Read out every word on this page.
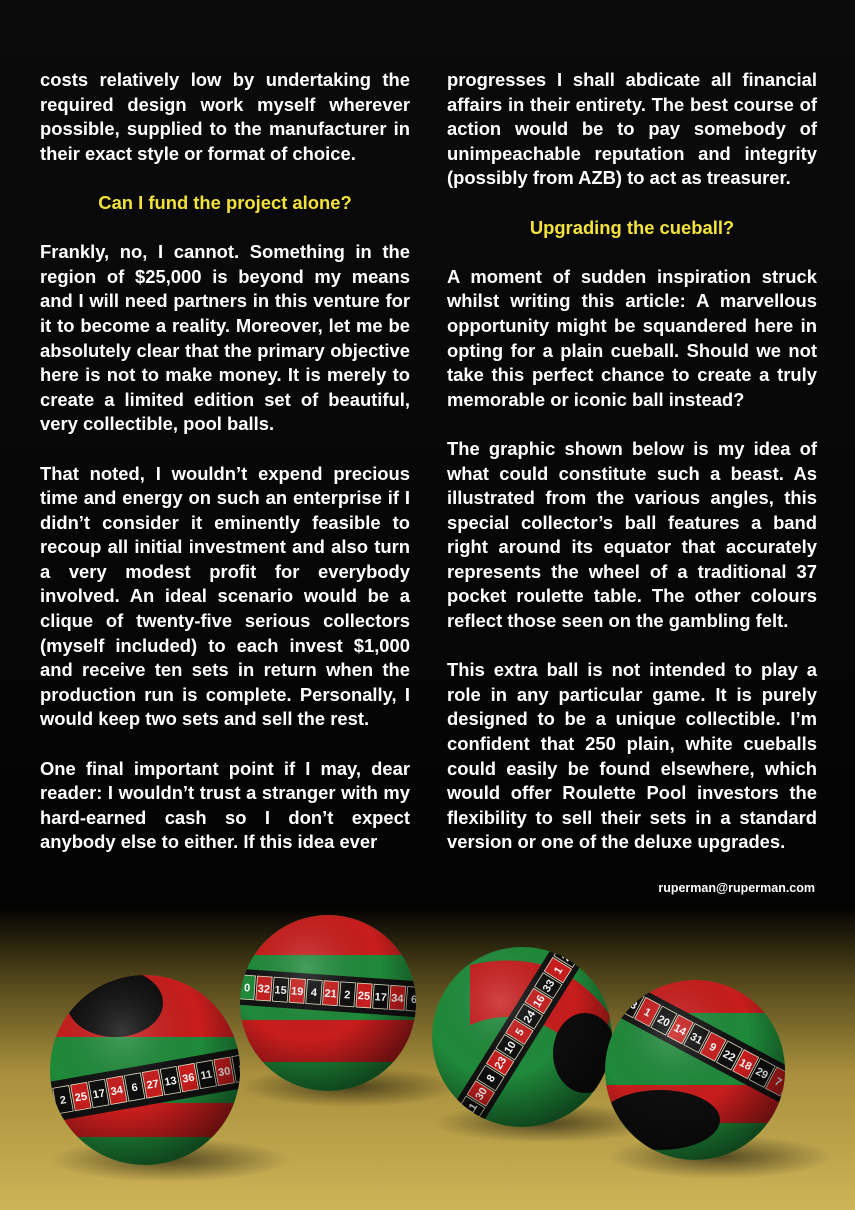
costs relatively low by undertaking the required design work myself wherever possible, supplied to the manufacturer in their exact style or format of choice.

Can I fund the project alone?

Frankly, no, I cannot. Something in the region of $25,000 is beyond my means and I will need partners in this venture for it to become a reality. Moreover, let me be absolutely clear that the primary objective here is not to make money. It is merely to create a limited edition set of beautiful, very collectible, pool balls.

That noted, I wouldn’t expend precious time and energy on such an enterprise if I didn’t consider it eminently feasible to recoup all initial investment and also turn a very modest profit for everybody involved. An ideal scenario would be a clique of twenty-five serious collectors (myself included) to each invest $1,000 and receive ten sets in return when the production run is complete. Personally, I would keep two sets and sell the rest.

One final important point if I may, dear reader: I wouldn’t trust a stranger with my hard-earned cash so I don’t expect anybody else to either. If this idea ever

progresses I shall abdicate all financial affairs in their entirety. The best course of action would be to pay somebody of unimpeachable reputation and integrity (possibly from AZB) to act as treasurer.

Upgrading the cueball?

A moment of sudden inspiration struck whilst writing this article: A marvellous opportunity might be squandered here in opting for a plain cueball. Should we not take this perfect chance to create a truly memorable or iconic ball instead?

The graphic shown below is my idea of what could constitute such a beast. As illustrated from the various angles, this special collector’s ball features a band right around its equator that accurately represents the wheel of a traditional 37 pocket roulette table. The other colours reflect those seen on the gambling felt.

This extra ball is not intended to play a role in any particular game. It is purely designed to be a unique collectible. I’m confident that 250 plain, white cueballs could easily be found elsewhere, which would offer Roulette Pool investors the flexibility to sell their sets in a standard version or one of the deluxe upgrades.

ruperman@ruperman.com
